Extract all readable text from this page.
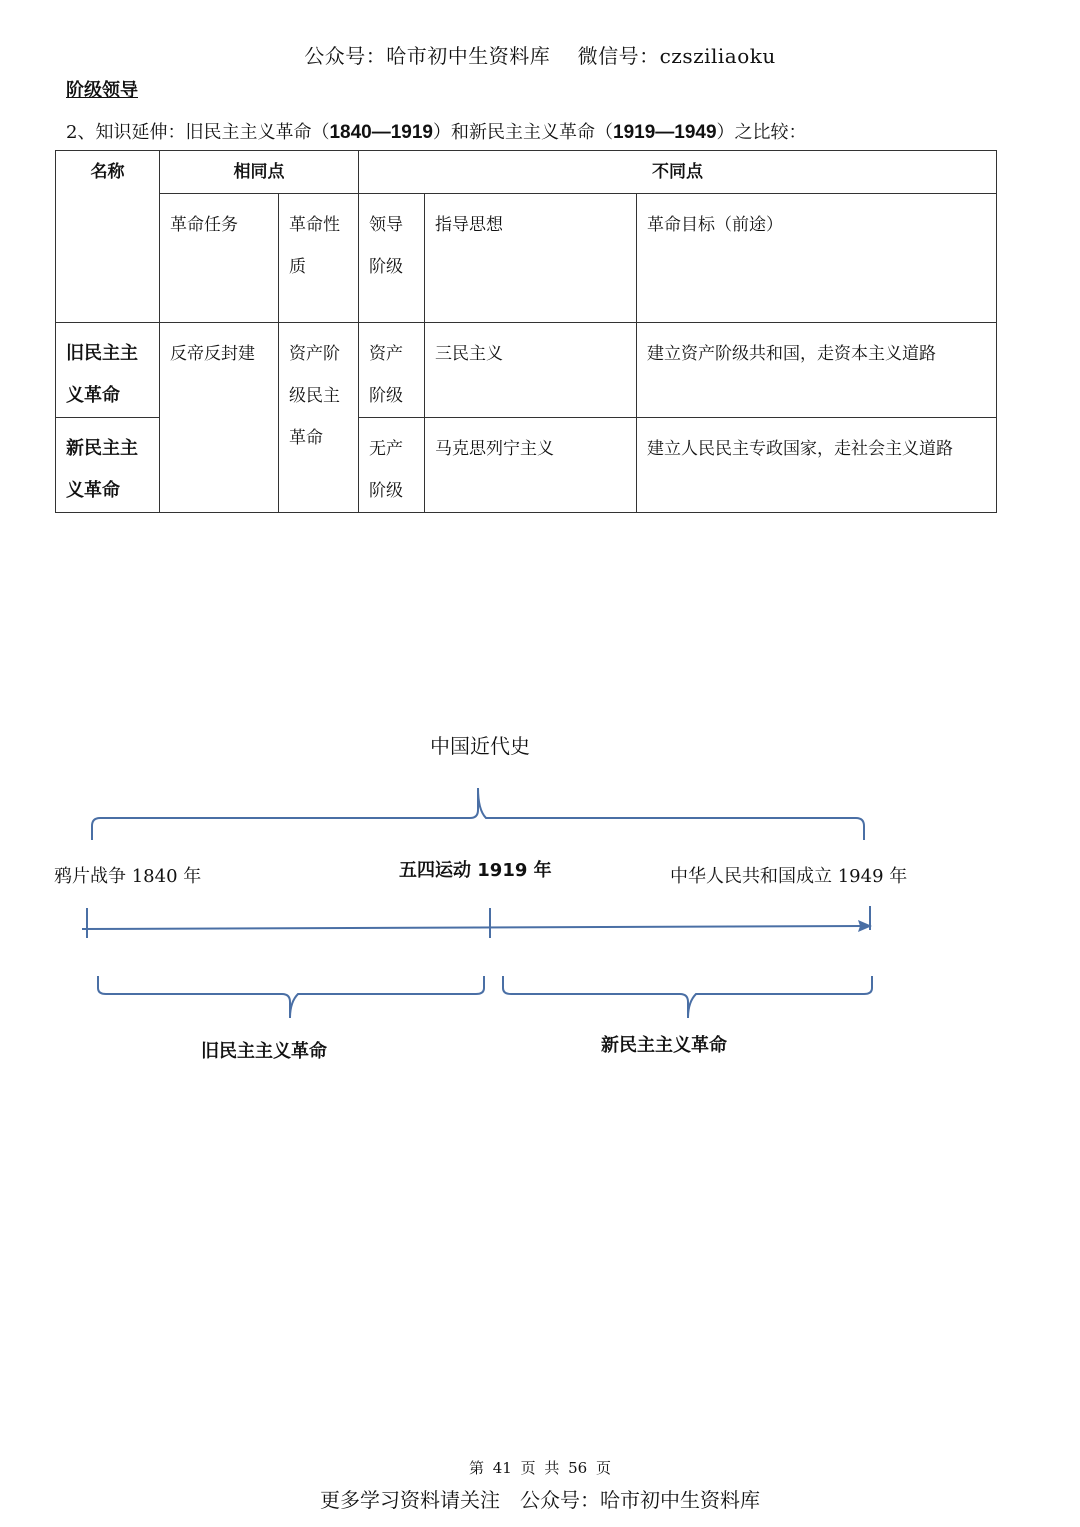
公众号：哈市初中生资料库　 微信号：czsziliaoku
阶级领导
2、知识延伸：旧民主主义革命（1840—1919）和新民主主义革命（1919—1949）之比较：
名称	相同点		不同点		
	革命任务	革命性质	领导阶级	指导思想	革命目标（前途）
旧民主主义革命	反帝反封建	资产阶级民主革命	资产阶级	三民主义	建立资产阶级共和国，走资本主义道路
新民主主义革命			无产阶级	马克思列宁主义	建立人民民主专政国家，走社会主义道路
中国近代史
鸦片战争 1840 年	五四运动 1919 年	中华人民共和国成立 1949 年
旧民主主义革命	新民主主义革命
第 41 页 共 56 页
更多学习资料请关注　公众号：哈市初中生资料库
